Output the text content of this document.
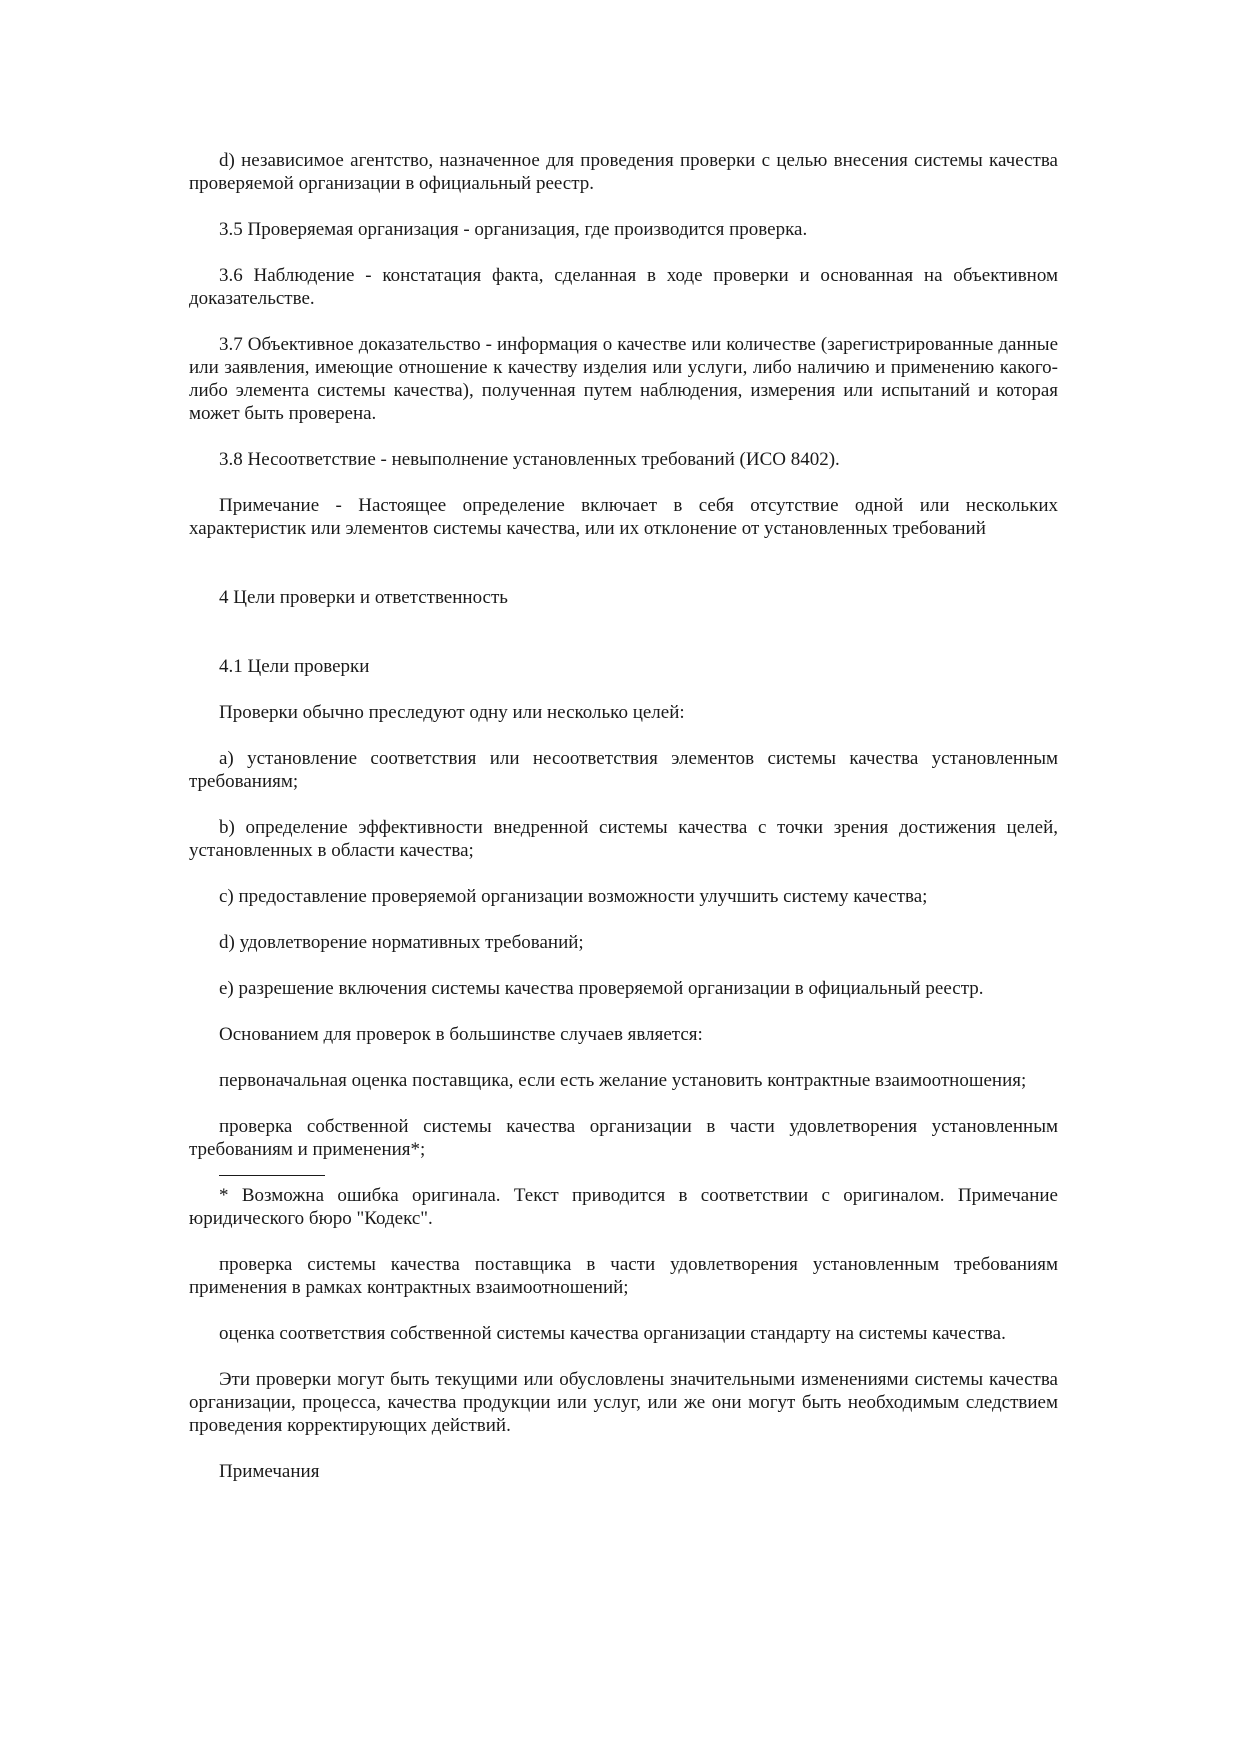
d) независимое агентство, назначенное для проведения проверки с целью внесения системы качества проверяемой организации в официальный реестр.

3.5 Проверяемая организация - организация, где производится проверка.

3.6 Наблюдение - констатация факта, сделанная в ходе проверки и основанная на объективном доказательстве.

3.7 Объективное доказательство - информация о качестве или количестве (зарегистрированные данные или заявления, имеющие отношение к качеству изделия или услуги, либо наличию и применению какого-либо элемента системы качества), полученная путем наблюдения, измерения или испытаний и которая может быть проверена.

3.8 Несоответствие - невыполнение установленных требований (ИСО 8402).

Примечание - Настоящее определение включает в себя отсутствие одной или нескольких характеристик или элементов системы качества, или их отклонение от установленных требований

4 Цели проверки и ответственность

4.1 Цели проверки

Проверки обычно преследуют одну или несколько целей:

а) установление соответствия или несоответствия элементов системы качества установленным требованиям;

b) определение эффективности внедренной системы качества с точки зрения достижения целей, установленных в области качества;

с) предоставление проверяемой организации возможности улучшить систему качества;

d) удовлетворение нормативных требований;

е) разрешение включения системы качества проверяемой организации в официальный реестр.

Основанием для проверок в большинстве случаев является:

первоначальная оценка поставщика, если есть желание установить контрактные взаимоотношения;

проверка собственной системы качества организации в части удовлетворения установленным требованиям и применения*;

* Возможна ошибка оригинала. Текст приводится в соответствии с оригиналом. Примечание юридического бюро "Кодекс".

проверка системы качества поставщика в части удовлетворения установленным требованиям применения в рамках контрактных взаимоотношений;

оценка соответствия собственной системы качества организации стандарту на системы качества.

Эти проверки могут быть текущими или обусловлены значительными изменениями системы качества организации, процесса, качества продукции или услуг, или же они могут быть необходимым следствием проведения корректирующих действий.

Примечания
